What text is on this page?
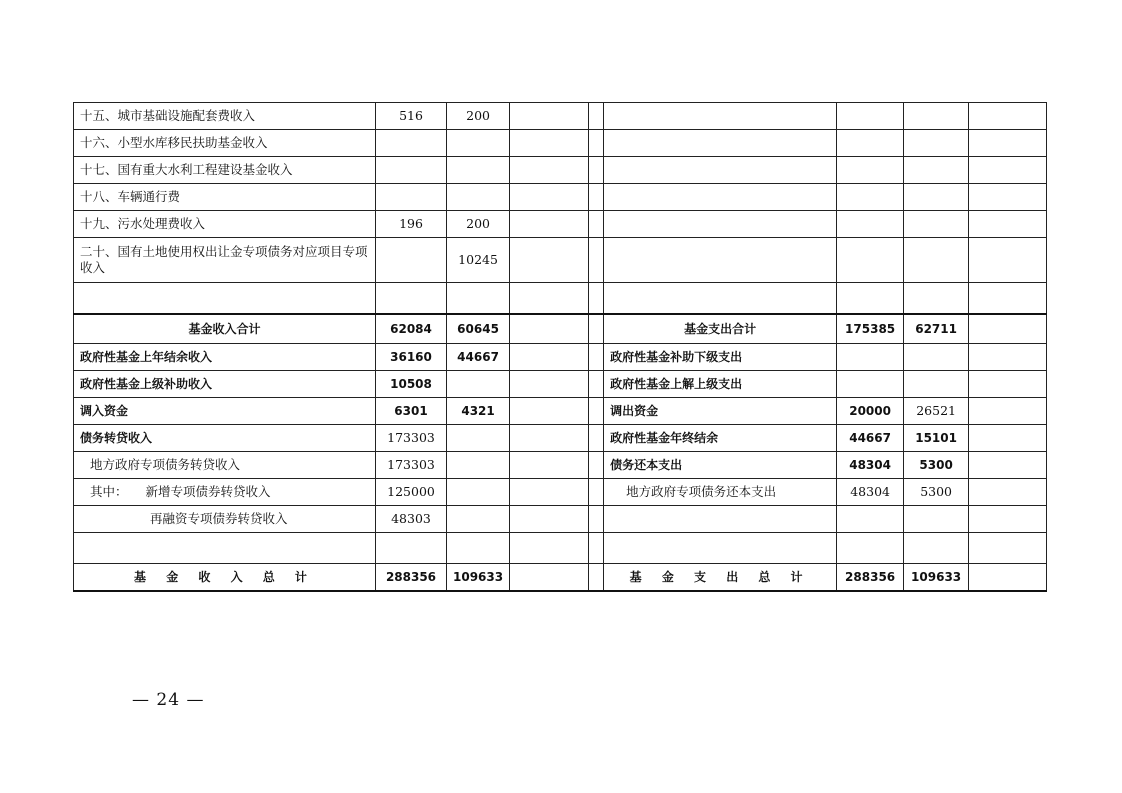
十五、城市基础设施配套费收入	516	200						
十六、小型水库移民扶助基金收入								
十七、国有重大水利工程建设基金收入								
十八、车辆通行费								
十九、污水处理费收入	196	200						
二十、国有土地使用权出让金专项债务对应项目专项收入		10245						

基金收入合计	62084	60645			基金支出合计	175385	62711	
政府性基金上年结余收入	36160	44667			政府性基金补助下级支出			
政府性基金上级补助收入	10508				政府性基金上解上级支出			
调入资金	6301	4321			调出资金	20000	26521	
债务转贷收入	173303				政府性基金年终结余	44667	15101	
地方政府专项债务转贷收入	173303				债务还本支出	48304	5300	
其中： 新增专项债券转贷收入	125000				地方政府专项债务还本支出	48304	5300	
再融资专项债券转贷收入	48303							

基 金 收 入 总 计	288356	109633			基 金 支 出 总 计	288356	109633	
— 24 —
